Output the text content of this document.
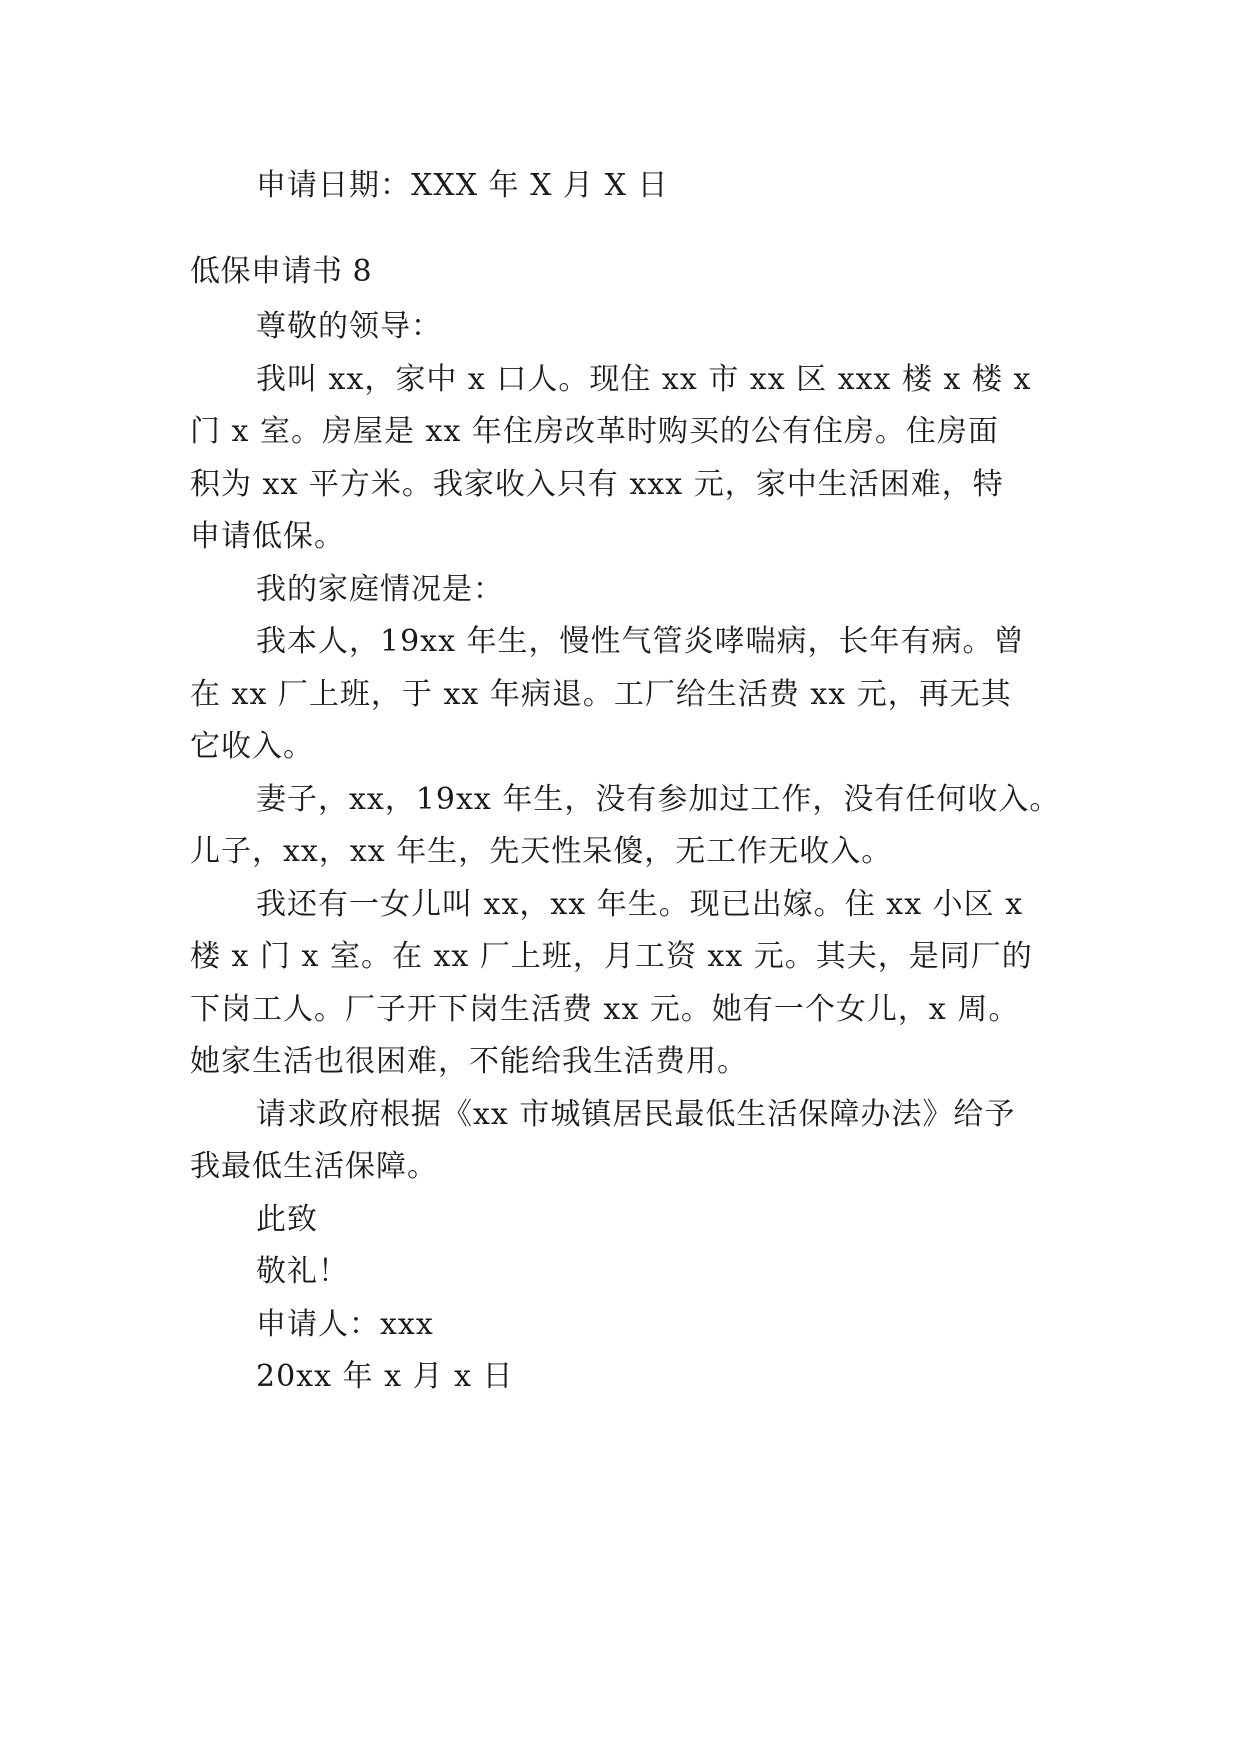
申请日期：XXX 年 X 月 X 日
低保申请书 8
尊敬的领导：
我叫 xx，家中 x 口人。现住 xx 市 xx 区 xxx 楼 x 楼 x
门 x 室。房屋是 xx 年住房改革时购买的公有住房。住房面
积为 xx 平方米。我家收入只有 xxx 元，家中生活困难，特
申请低保。
我的家庭情况是：
我本人，19xx 年生，慢性气管炎哮喘病，长年有病。曾
在 xx 厂上班，于 xx 年病退。工厂给生活费 xx 元，再无其
它收入。
妻子，xx，19xx 年生，没有参加过工作，没有任何收入。
儿子，xx，xx 年生，先天性呆傻，无工作无收入。
我还有一女儿叫 xx，xx 年生。现已出嫁。住 xx 小区 x
楼 x 门 x 室。在 xx 厂上班，月工资 xx 元。其夫，是同厂的
下岗工人。厂子开下岗生活费 xx 元。她有一个女儿，x 周。
她家生活也很困难，不能给我生活费用。
请求政府根据《xx 市城镇居民最低生活保障办法》给予
我最低生活保障。
此致
敬礼！
申请人：xxx
20xx 年 x 月 x 日
